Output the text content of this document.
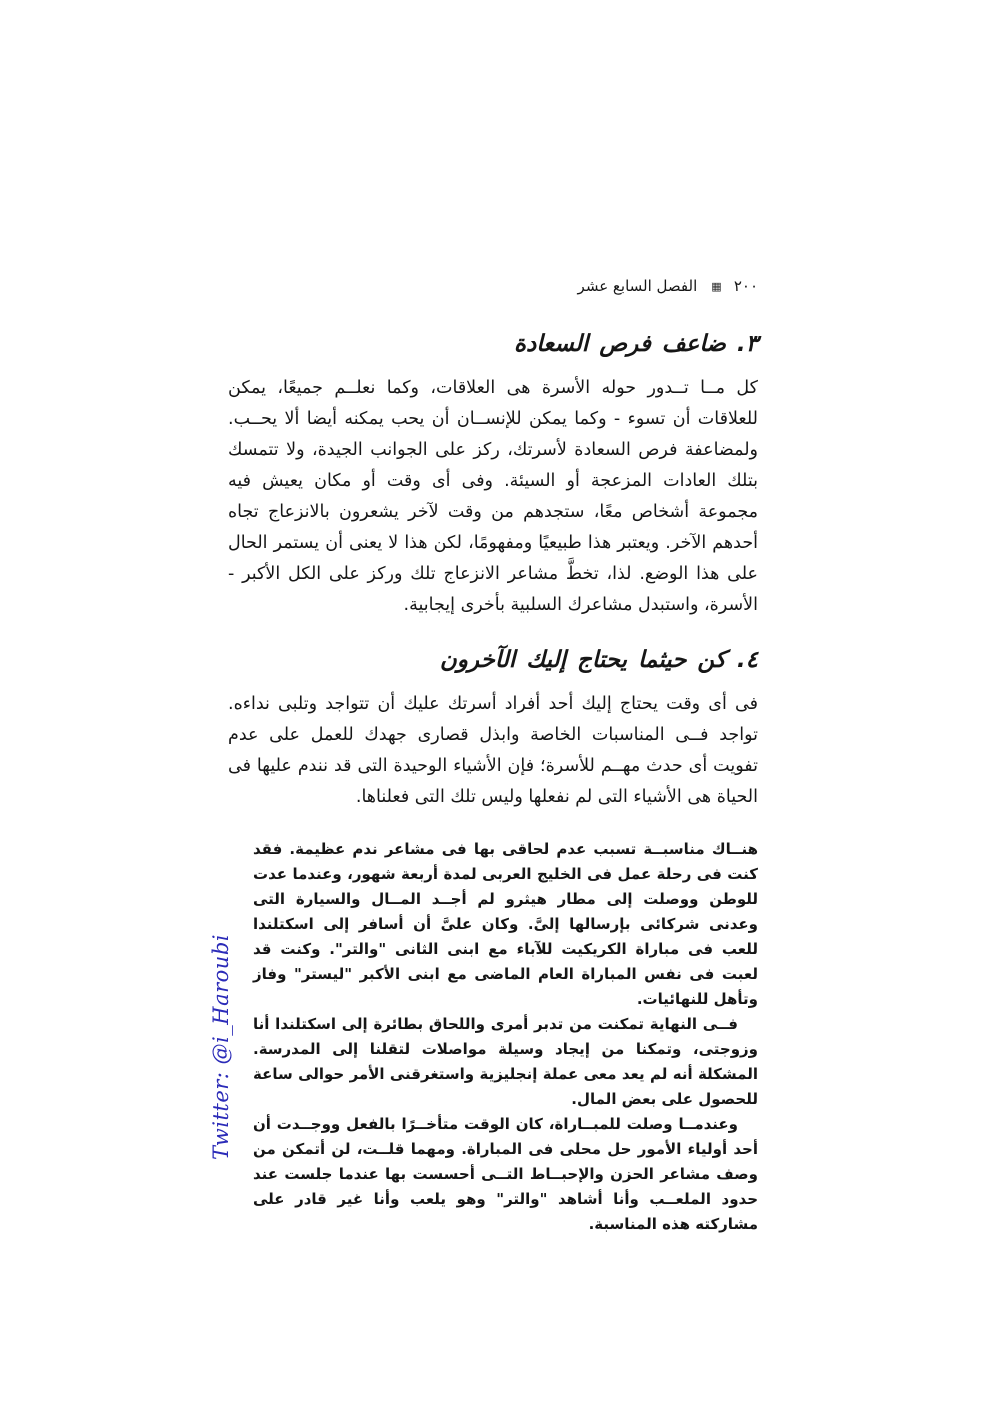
Twitter: @i_Haroubi
٢٠٠▦الفصل السابع عشر
٣. ضاعف فرص السعادة

كل مــا تــدور حوله الأسرة هى العلاقات، وكما نعلــم جميعًا، يمكن للعلاقات أن تسوء - وكما يمكن للإنســان أن يحب يمكنه أيضا ألا يحــب. ولمضاعفة فرص السعادة لأسرتك، ركز على الجوانب الجيدة، ولا تتمسك بتلك العادات المزعجة أو السيئة. وفى أى وقت أو مكان يعيش فيه مجموعة أشخاص معًا، ستجدهم من وقت لآخر يشعرون بالانزعاج تجاه أحدهم الآخر. ويعتبر هذا طبيعيًا ومفهومًا، لكن هذا لا يعنى أن يستمر الحال على هذا الوضع. لذا، تخطَّ مشاعر الانزعاج تلك وركز على الكل الأكبر - الأسرة، واستبدل مشاعرك السلبية بأخرى إيجابية.

٤. كن حيثما يحتاج إليك الآخرون

فى أى وقت يحتاج إليك أحد أفراد أسرتك عليك أن تتواجد وتلبى نداءه. تواجد فــى المناسبات الخاصة وابذل قصارى جهدك للعمل على عدم تفويت أى حدث مهــم للأسرة؛ فإن الأشياء الوحيدة التى قد نندم عليها فى الحياة هى الأشياء التى لم نفعلها وليس تلك التى فعلناها.

هنــاك مناسبــة تسبب عدم لحاقى بها فى مشاعر ندم عظيمة. فقد كنت فى رحلة عمل فى الخليج العربى لمدة أربعة شهور، وعندما عدت للوطن ووصلت إلى مطار هيثرو لم أجــد المــال والسيارة التى وعدنى شركائى بإرسالها إلىَّ. وكان علىَّ أن أسافر إلى اسكتلندا للعب فى مباراة الكريكيت للآباء مع ابنى الثانى "والتر". وكنت قد لعبت فى نفس المباراة العام الماضى مع ابنى الأكبر "ليستر" وفاز وتأهل للنهائيات.

فــى النهاية تمكنت من تدبر أمرى واللحاق بطائرة إلى اسكتلندا أنا وزوجتى، وتمكنا من إيجاد وسيلة مواصلات لتقلنا إلى المدرسة. المشكلة أنه لم يعد معى عملة إنجليزية واستغرقنى الأمر حوالى ساعة للحصول على بعض المال.

وعندمــا وصلت للمبــاراة، كان الوقت متأخــرًا بالفعل ووجــدت أن أحد أولياء الأمور حل محلى فى المباراة. ومهما قلــت، لن أتمكن من وصف مشاعر الحزن والإحبــاط التــى أحسست بها عندما جلست عند حدود الملعــب وأنا أشاهد "والتر" وهو يلعب وأنا غير قادر على مشاركته هذه المناسبة.
